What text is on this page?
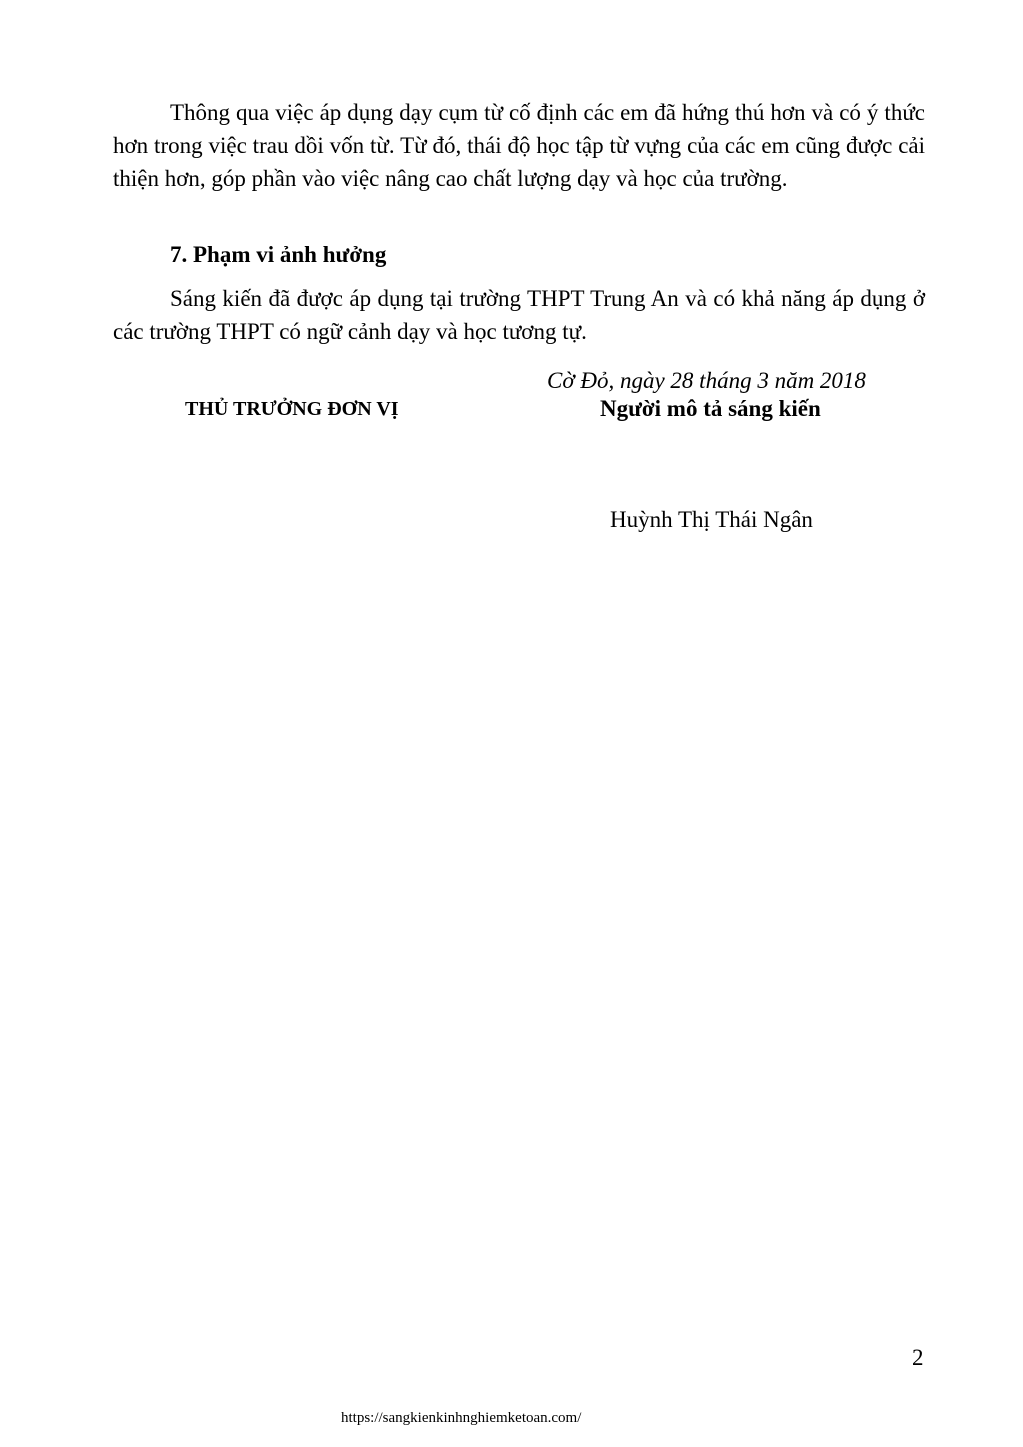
Thông qua việc áp dụng dạy cụm từ cố định các em đã hứng thú hơn và có ý thức hơn trong việc trau dồi vốn từ. Từ đó, thái độ học tập từ vựng của các em cũng được cải thiện hơn, góp phần vào việc nâng cao chất lượng dạy và học của trường.

7. Phạm vi ảnh hưởng

Sáng kiến đã được áp dụng tại trường THPT Trung An và có khả năng áp dụng ở các trường THPT có ngữ cảnh dạy và học tương tự.

Cờ Đỏ, ngày 28 tháng 3 năm 2018
THỦ TRƯỞNG ĐƠN VỊ	Người mô tả sáng kiến
Huỳnh Thị Thái Ngân
2
https://sangkienkinhnghiemketoan.com/
